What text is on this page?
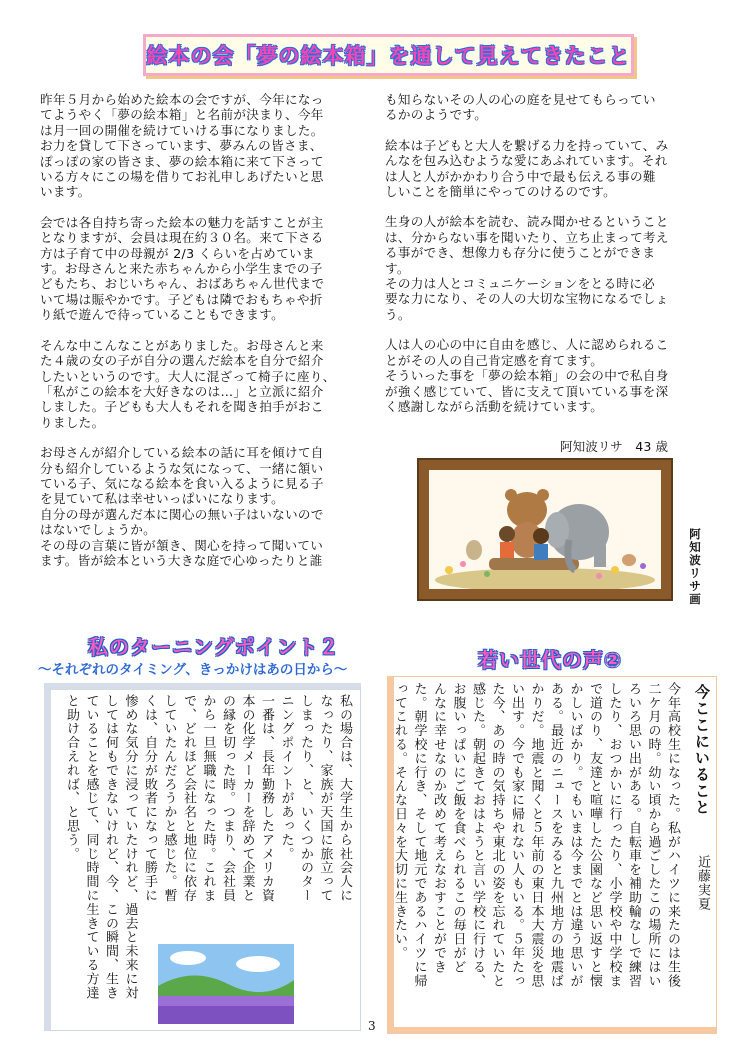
絵本の会「夢の絵本箱」を通して見えてきたこと

昨年５月から始めた絵本の会ですが、今年になっ
てようやく「夢の絵本箱」と名前が決まり、今年
は月一回の開催を続けていける事になりました。
お力を貸して下さっています、夢みんの皆さま、
ぽっぽの家の皆さま、夢の絵本箱に来て下さって
いる方々にこの場を借りてお礼申しあげたいと思
います。

会では各自持ち寄った絵本の魅力を話すことが主
となりますが、会員は現在約３０名。来て下さる
方は子育て中の母親が 2/3 くらいを占めていま
す。お母さんと来た赤ちゃんから小学生までの子
どもたち、おじいちゃん、おばあちゃん世代まで
いて場は賑やかです。子どもは隣でおもちゃや折
り紙で遊んで待っていることもできます。

そんな中こんなことがありました。お母さんと来
た４歳の女の子が自分の選んだ絵本を自分で紹介
したいというのです。大人に混ざって椅子に座り、
「私がこの絵本を大好きなのは…」と立派に紹介
しました。子どもも大人もそれを聞き拍手がおこ
りました。

お母さんが紹介している絵本の話に耳を傾けて自
分も紹介しているような気になって、一緒に頷い
ている子、気になる絵本を食い入るように見る子
を見ていて私は幸せいっぱいになります。
自分の母が選んだ本に関心の無い子はいないので
はないでしょうか。
その母の言葉に皆が頷き、関心を持って聞いてい
ます。皆が絵本という大きな庭で心ゆったりと誰

も知らないその人の心の庭を見せてもらってい
るかのようです。

絵本は子どもと大人を繋げる力を持っていて、み
んなを包み込むような愛にあふれています。それ
は人と人がかかわり合う中で最も伝える事の難
しいことを簡単にやってのけるのです。

生身の人が絵本を読む、読み聞かせるということ
は、分からない事を聞いたり、立ち止まって考え
る事ができ、想像力も存分に使うことができま
す。
その力は人とコミュニケーションをとる時に必
要な力になり、その人の大切な宝物になるでしょ
う。

人は人の心の中に自由を感じ、人に認められるこ
とがその人の自己肯定感を育てます。
そういった事を「夢の絵本箱」の会の中で私自身
が強く感じていて、皆に支えて頂いている事を深
く感謝しながら活動を続けています。

阿知波リサ　43 歳
阿
知
波
リ
サ
画
私のターニングポイント２
〜それぞれのタイミング、きっかけはあの日から〜	若い世代の声②
私の場合は、大学生から社会人に
なったり、家族が天国に旅立って
しまったり、と、いくつかのター
ニングポイントがあった。
一番は、長年勤務したアメリカ資
本の化学メーカーを辞めて企業と
の縁を切った時。つまり、会社員
から一旦無職になった時。これま
で、どれほど会社名と地位に依存
していたんだろうかと感じた。暫
くは、自分が敗者になって勝手に
惨めな気分に浸っていたけれど、過去と未来に対
しては何もできないけれど、今、この瞬間、生き
ていることを感じて、同じ時間に生きている方達
と助け合えれば、と思う。	今ここにいること
近藤実夏
今年高校生になった。私がハイツに来たのは生後
二ケ月の時。幼い頃から過ごしたこの場所にはい
ろいろ思い出がある。自転車を補助輪なしで練習
したり、おつかいに行ったり、小学校や中学校ま
で道のり、友達と喧嘩した公園など思い返すと懐
かしいばかり。でもいまは今までとは違う思いが
ある。最近のニュースをみると九州地方の地震ば
かりだ。地震と聞くと５年前の東日本大震災を思
い出す。今でも家に帰れない人もいる。５年たっ
た今、あの時の気持ちや東北の姿を忘れていたと
感じた。朝起きておはようと言い学校に行ける、
お腹いっぱいにご飯を食べられるこの毎日がど
んなに幸せなのか改めて考えなおすことができ
た。朝学校に行き、そして地元であるハイツに帰
ってこれる。そんな日々を大切に生きたい。
3
